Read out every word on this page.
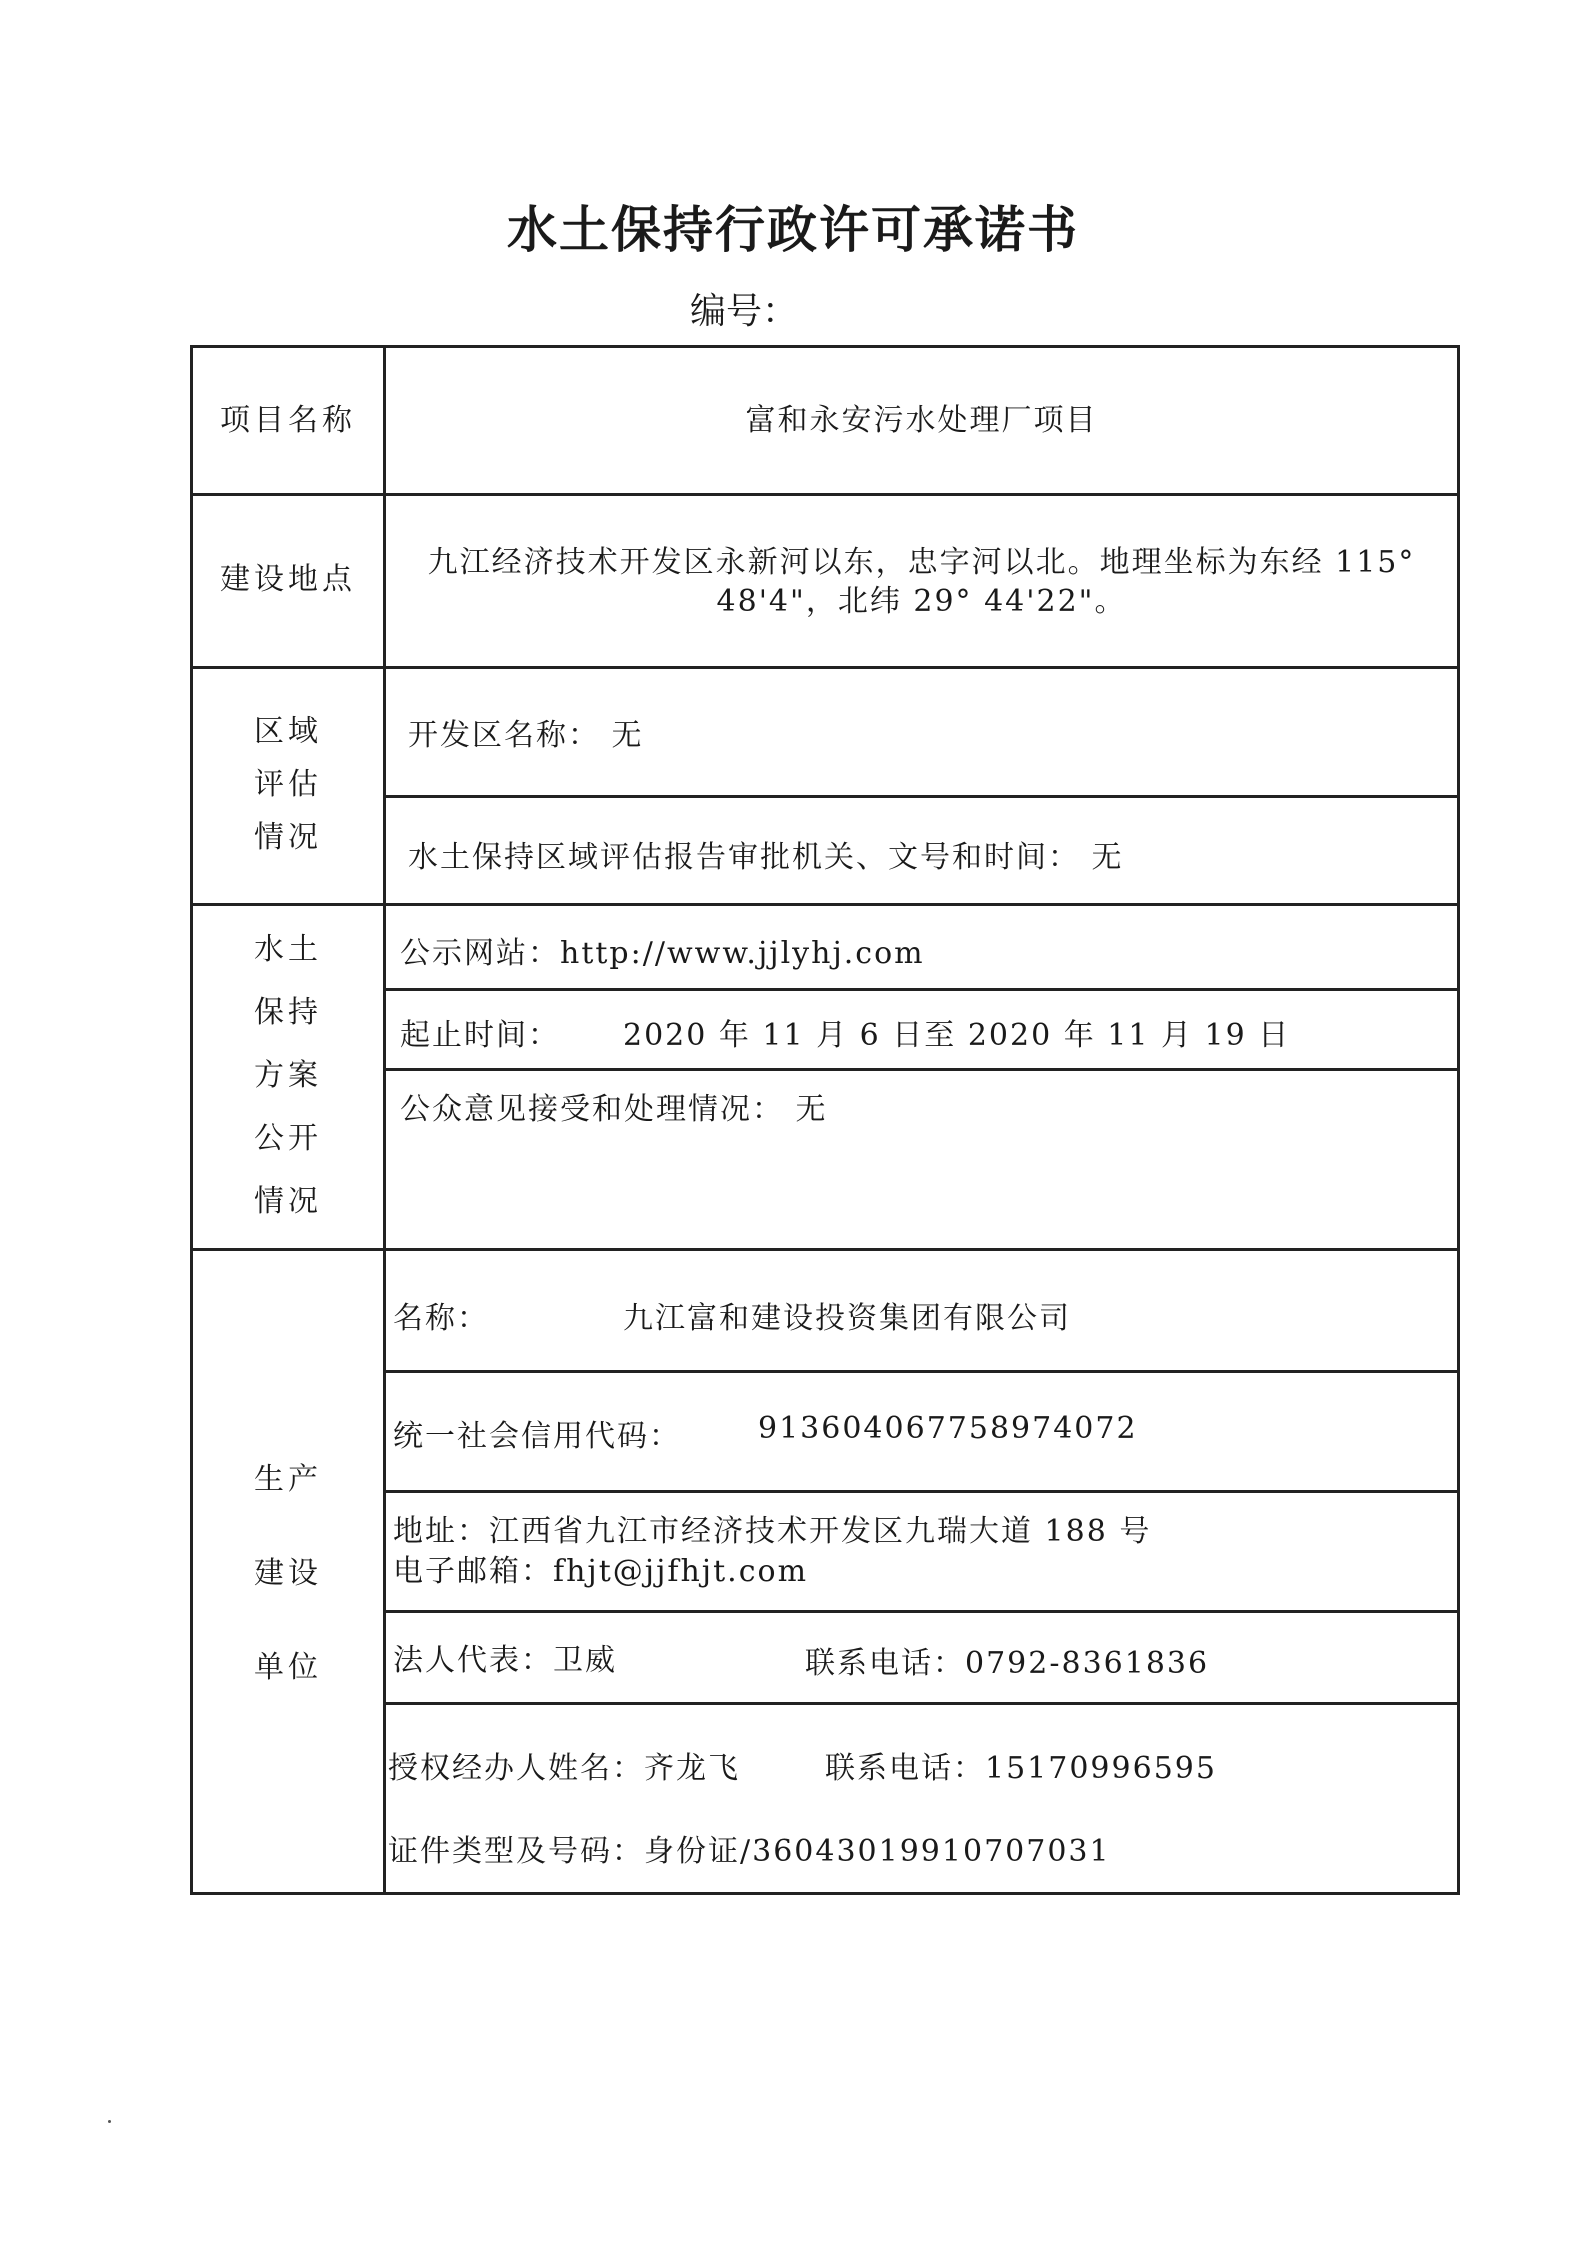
水土保持行政许可承诺书
编号：
项目名称	富和永安污水处理厂项目
建设地点	九江经济技术开发区永新河以东，忠字河以北。地理坐标为东经 115°
48'4"，北纬 29° 44'22"。
区域
评估
情况
开发区名称： 无
水土保持区域评估报告审批机关、文号和时间： 无
水土
保持
方案
公开
情况
公示网站：http://www.jjlyhj.com
起止时间： 2020 年 11 月 6 日至 2020 年 11 月 19 日
公众意见接受和处理情况： 无
生产
建设
单位
名称：	九江富和建设投资集团有限公司
统一社会信用代码：	913604067758974072
地址：江西省九江市经济技术开发区九瑞大道 188 号
电子邮箱：fhjt@jjfhjt.com
法人代表：卫威	联系电话：0792-8361836
授权经办人姓名：齐龙飞	联系电话：15170996595
证件类型及号码：身份证/36043019910707031
